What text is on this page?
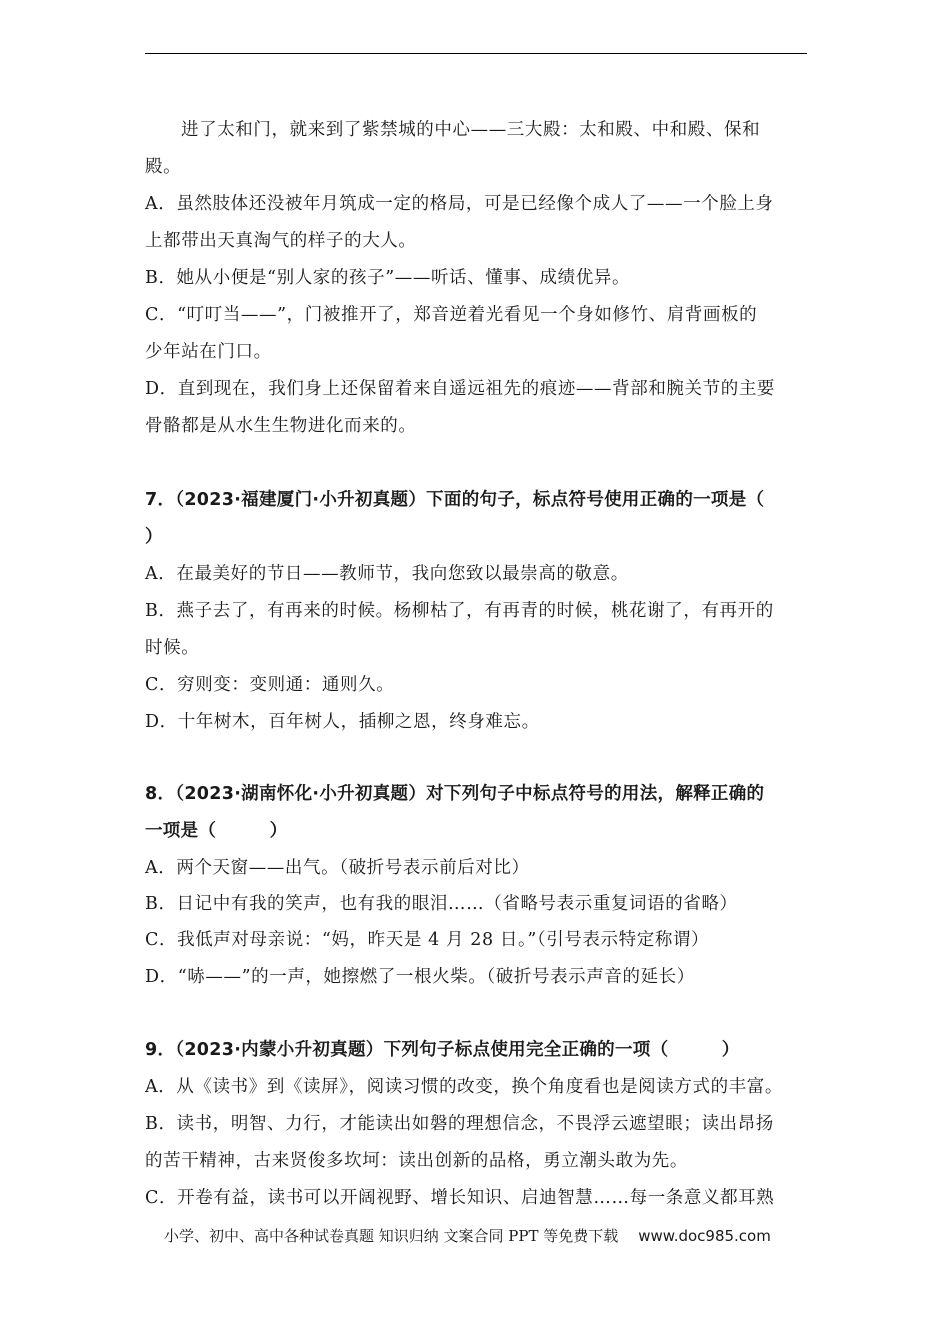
进了太和门，就来到了紫禁城的中心——三大殿：太和殿、中和殿、保和
殿。
A．虽然肢体还没被年月筑成一定的格局，可是已经像个成人了——一个脸上身
上都带出天真淘气的样子的大人。
B．她从小便是“别人家的孩子”——听话、懂事、成绩优异。
C．“叮叮当——”，门被推开了，郑音逆着光看见一个身如修竹、肩背画板的
少年站在门口。
D．直到现在，我们身上还保留着来自遥远祖先的痕迹——背部和腕关节的主要
骨骼都是从水生生物进化而来的。
7．（2023·福建厦门·小升初真题）下面的句子，标点符号使用正确的一项是（
）
A．在最美好的节日——教师节，我向您致以最崇高的敬意。
B．燕子去了，有再来的时候。杨柳枯了，有再青的时候，桃花谢了，有再开的
时候。
C．穷则变：变则通：通则久。
D．十年树木，百年树人，插柳之恩，终身难忘。
8．（2023·湖南怀化·小升初真题）对下列句子中标点符号的用法，解释正确的
一项是（　　　）
A．两个天窗——出气。（破折号表示前后对比）
B．日记中有我的笑声，也有我的眼泪……（省略号表示重复词语的省略）
C．我低声对母亲说：“妈，昨天是 4 月 28 日。”（引号表示特定称谓）
D．“哧——”的一声，她擦燃了一根火柴。（破折号表示声音的延长）
9．（2023·内蒙小升初真题）下列句子标点使用完全正确的一项（　　　）
A．从《读书》到《读屏》，阅读习惯的改变，换个角度看也是阅读方式的丰富。
B．读书，明智、力行，才能读出如磐的理想信念，不畏浮云遮望眼；读出昂扬
的苦干精神，古来贤俊多坎坷：读出创新的品格，勇立潮头敢为先。
C．开卷有益，读书可以开阔视野、增长知识、启迪智慧……每一条意义都耳熟
小学、初中、高中各种试卷真题 知识归纳 文案合同 PPT 等免费下载 www.doc985.com
